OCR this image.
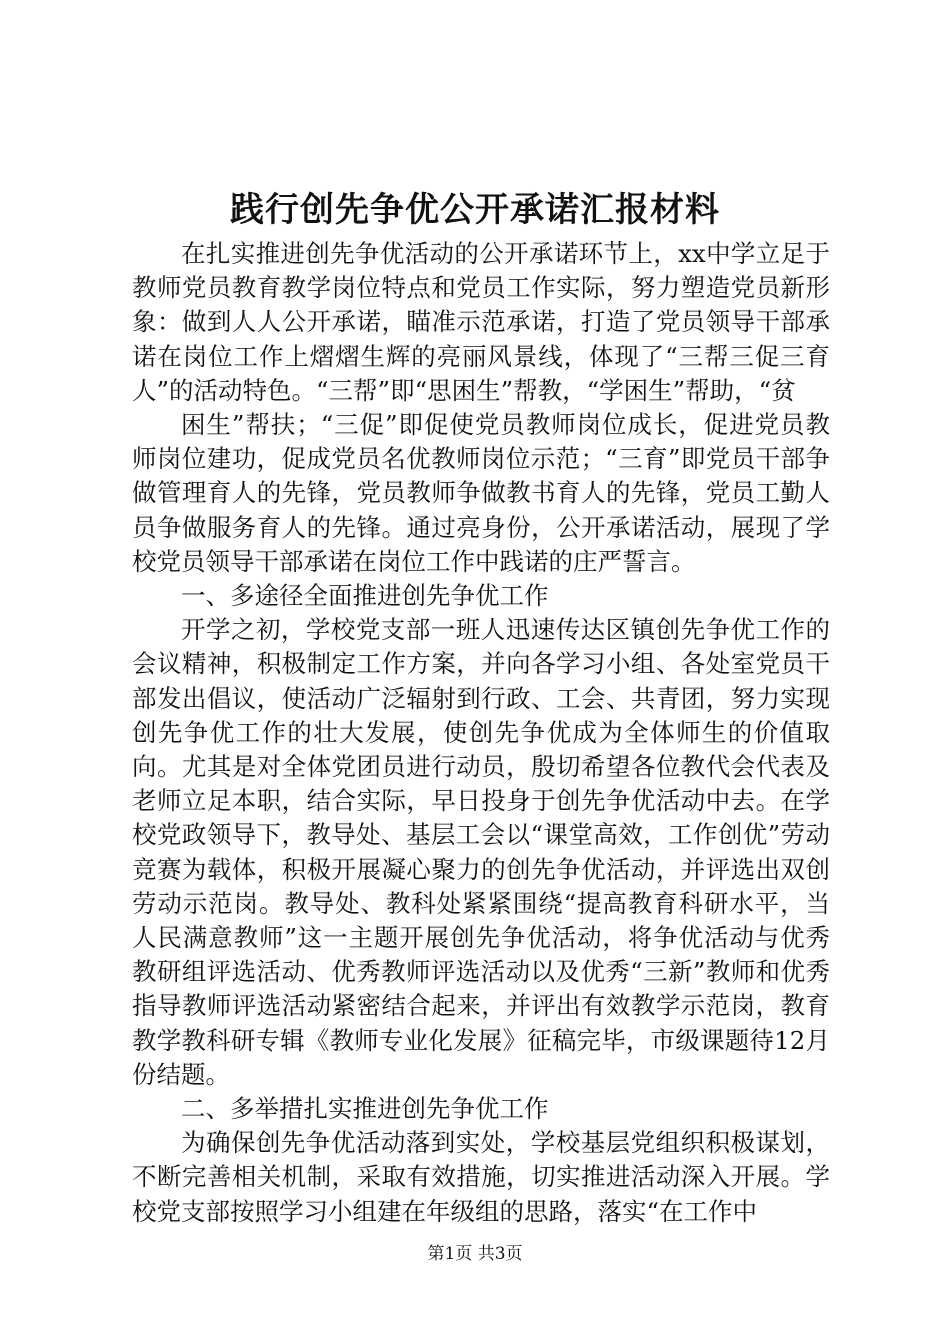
践行创先争优公开承诺汇报材料

在扎实推进创先争优活动的公开承诺环节上，xx中学立足于教师党员教育教学岗位特点和党员工作实际，努力塑造党员新形象：做到人人公开承诺，瞄准示范承诺，打造了党员领导干部承诺在岗位工作上熠熠生辉的亮丽风景线，体现了“三帮三促三育人”的活动特色。“三帮”即“思困生”帮教，“学困生”帮助，“贫

困生”帮扶；“三促”即促使党员教师岗位成长，促进党员教师岗位建功，促成党员名优教师岗位示范；“三育”即党员干部争做管理育人的先锋，党员教师争做教书育人的先锋，党员工勤人员争做服务育人的先锋。通过亮身份，公开承诺活动，展现了学校党员领导干部承诺在岗位工作中践诺的庄严誓言。

一、多途径全面推进创先争优工作

开学之初，学校党支部一班人迅速传达区镇创先争优工作的会议精神，积极制定工作方案，并向各学习小组、各处室党员干部发出倡议，使活动广泛辐射到行政、工会、共青团，努力实现创先争优工作的壮大发展，使创先争优成为全体师生的价值取向。尤其是对全体党团员进行动员，殷切希望各位教代会代表及老师立足本职，结合实际，早日投身于创先争优活动中去。在学校党政领导下，教导处、基层工会以“课堂高效，工作创优”劳动竞赛为载体，积极开展凝心聚力的创先争优活动，并评选出双创劳动示范岗。教导处、教科处紧紧围绕“提高教育科研水平，当人民满意教师”这一主题开展创先争优活动，将争优活动与优秀教研组评选活动、优秀教师评选活动以及优秀“三新”教师和优秀指导教师评选活动紧密结合起来，并评出有效教学示范岗，教育教学教科研专辑《教师专业化发展》征稿完毕，市级课题待12月份结题。

二、多举措扎实推进创先争优工作

为确保创先争优活动落到实处，学校基层党组织积极谋划，不断完善相关机制，采取有效措施，切实推进活动深入开展。学校党支部按照学习小组建在年级组的思路，落实“在工作中

第1页 共3页
